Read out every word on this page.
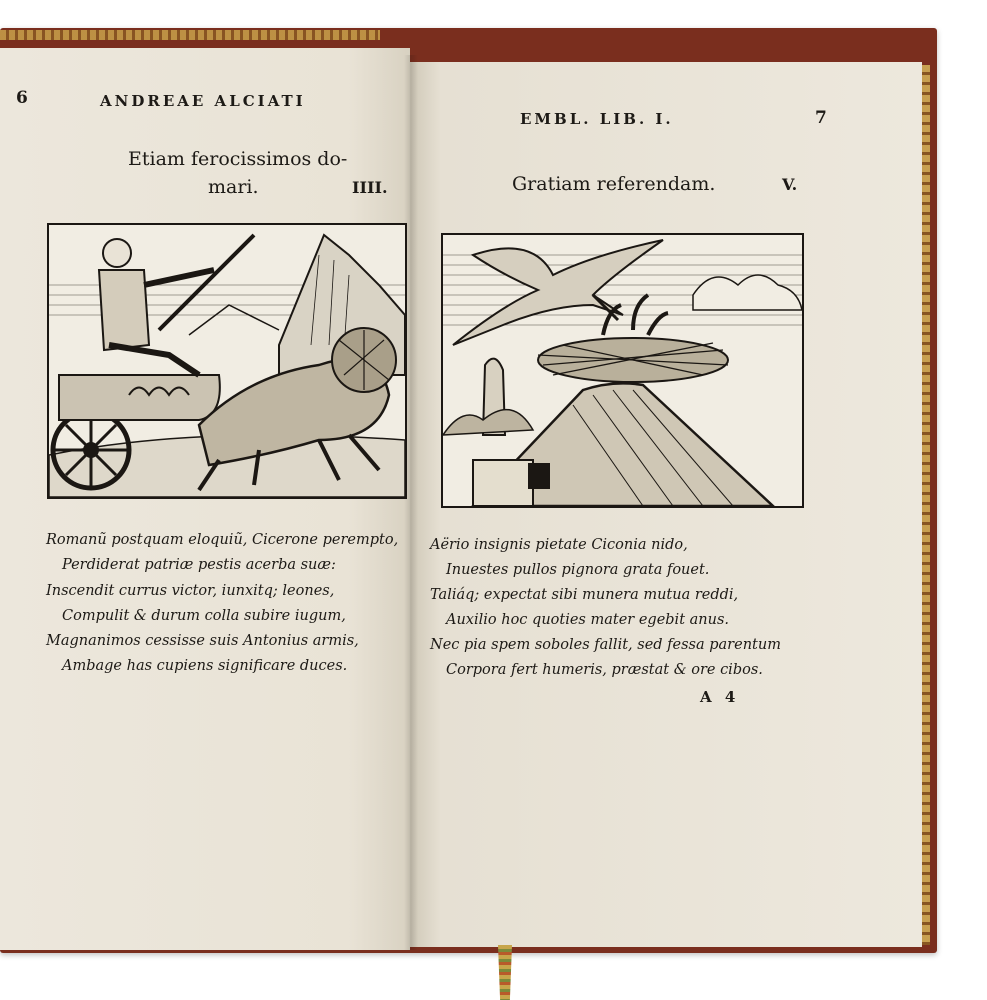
6	ANDREAE ALCIATI
Etiam ferocissimos do-
mari.	IIII.
Romanũ postquam eloquiũ, Cicerone perempto,
Perdiderat patriæ pestis acerba suæ:
Inscendit currus victor, iunxitq; leones,
Compulit & durum colla subire iugum,
Magnanimos cessisse suis Antonius armis,
Ambage has cupiens significare duces.
EMBL. LIB. I.	7
Gratiam referendam.	V.
Aërio insignis pietate Ciconia nido,
Inuestes pullos pignora grata fouet.
Taliáq; expectat sibi munera mutua reddi,
Auxilio hoc quoties mater egebit anus.
Nec pia spem soboles fallit, sed fessa parentum
Corpora fert humeris, præstat & ore cibos.
A 4
